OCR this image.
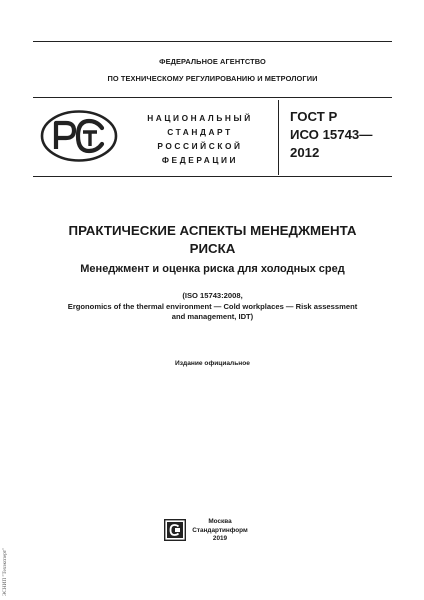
ФЕДЕРАЛЬНОЕ АГЕНТСТВО
ПО ТЕХНИЧЕСКОМУ РЕГУЛИРОВАНИЮ И МЕТРОЛОГИИ
НАЦИОНАЛЬНЫЙ
СТАНДАРТ
РОССИЙСКОЙ
ФЕДЕРАЦИИ
ГОСТ Р
ИСО 15743—
2012
ПРАКТИЧЕСКИЕ АСПЕКТЫ МЕНЕДЖМЕНТА
РИСКА
Менеджмент и оценка риска для холодных сред
(ISO 15743:2008,
Ergonomics of the thermal environment — Cold workplaces — Risk assessment
and management, IDT)
Издание официальное
Москва
Стандартинформ
2019
ЭСНИП "Техэксперт"
